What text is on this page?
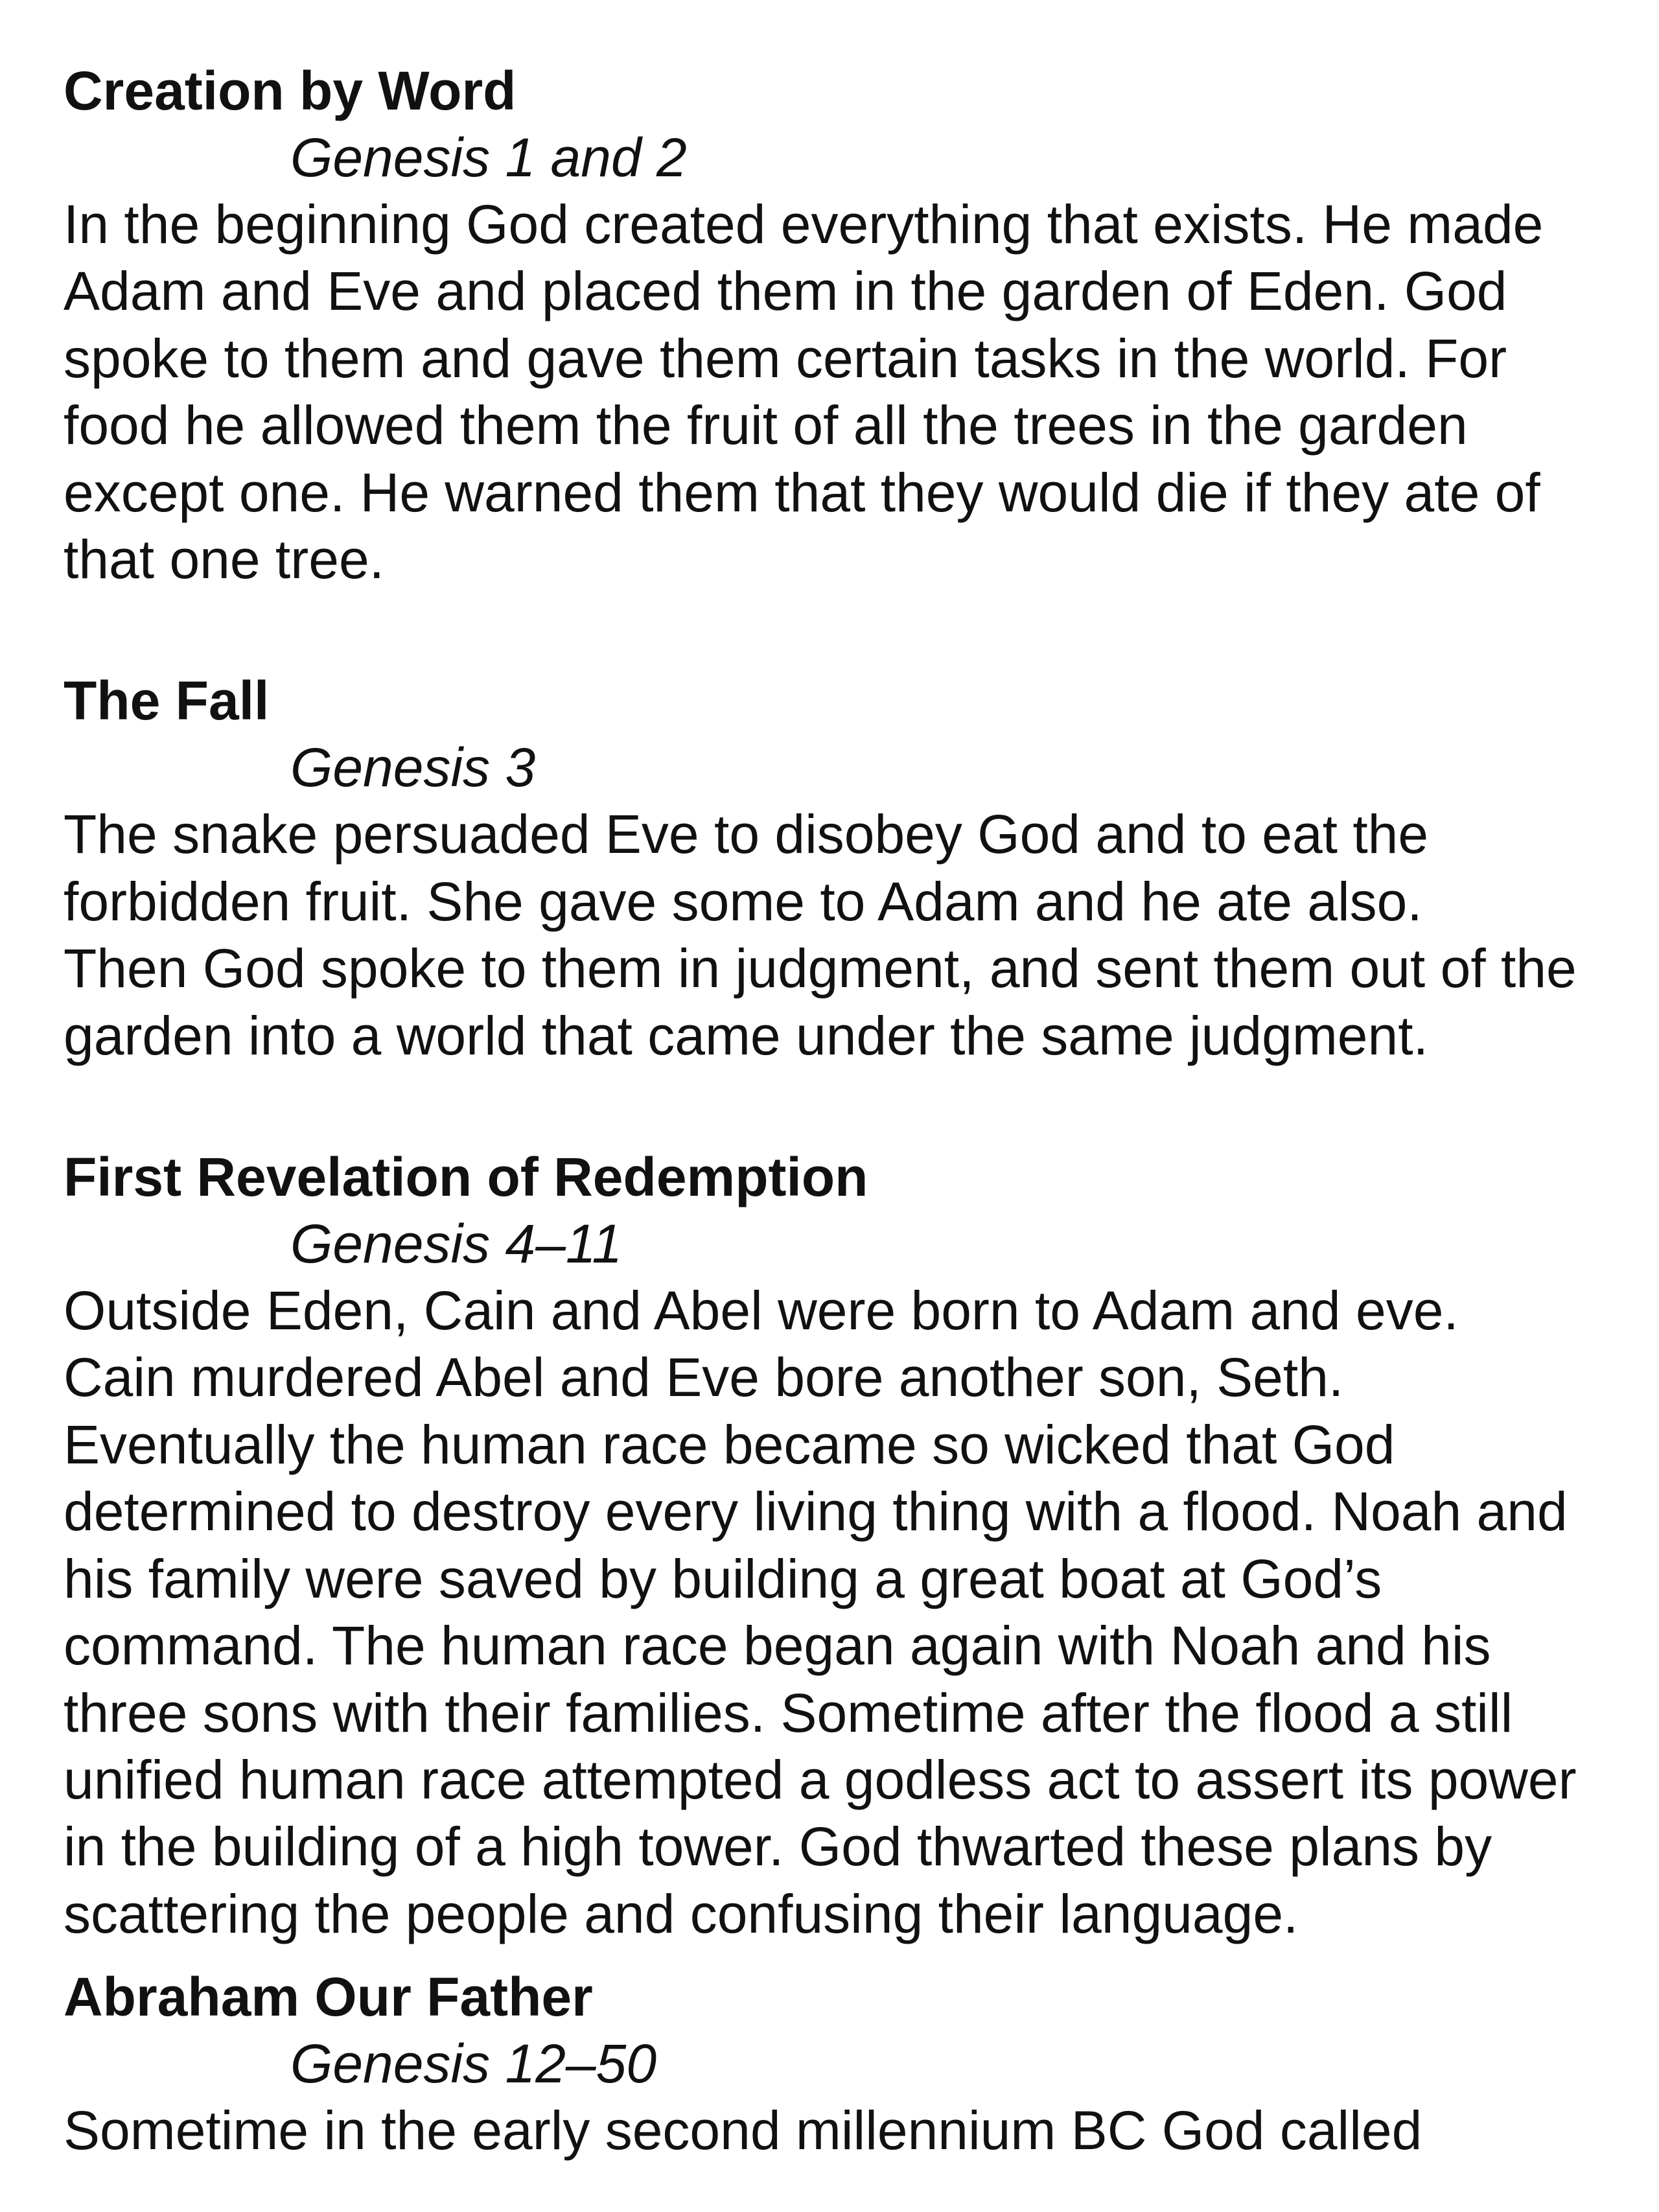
Creation by Word

Genesis 1 and 2

In the beginning God created everything that exists. He made

Adam and Eve and placed them in the garden of Eden. God

spoke to them and gave them certain tasks in the world. For

food he allowed them the fruit of all the trees in the garden

except one. He warned them that they would die if they ate of

that one tree.

The Fall

Genesis 3

The snake persuaded Eve to disobey God and to eat the

forbidden fruit. She gave some to Adam and he ate also.

Then God spoke to them in judgment, and sent them out of the

garden into a world that came under the same judgment.

First Revelation of Redemption

Genesis 4–11

Outside Eden, Cain and Abel were born to Adam and eve.

Cain murdered Abel and Eve bore another son, Seth.

Eventually the human race became so wicked that God

determined to destroy every living thing with a flood. Noah and

his family were saved by building a great boat at God’s

command. The human race began again with Noah and his

three sons with their families. Sometime after the flood a still

unified human race attempted a godless act to assert its power

in the building of a high tower. God thwarted these plans by

scattering the people and confusing their language.

Abraham Our Father

Genesis 12–50

Sometime in the early second millennium BC God called
